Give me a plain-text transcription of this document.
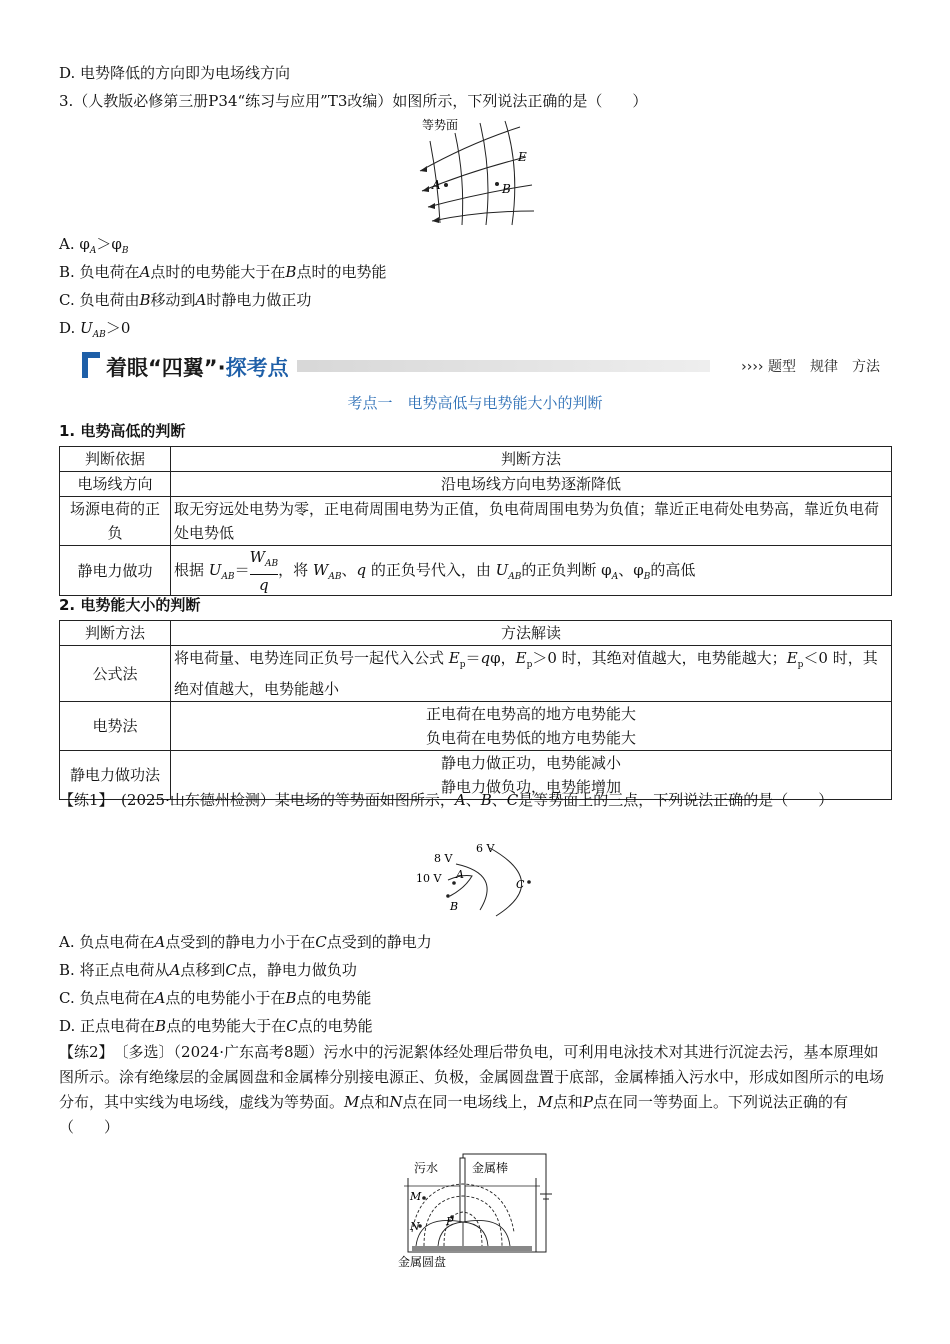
D. 电势降低的方向即为电场线方向
3.（人教版必修第三册P34“练习与应用”T3改编）如图所示，下列说法正确的是（　　）
等势面
A	B
E
A. $\varphi_A>\varphi_B$
B. 负电荷在A点时的电势能大于在B点时的电势能
C. 负电荷由B移动到A时静电力做正功
D. $U_{AB}>0$
着眼“四翼”·探考点	›››› 题型　规律　方法
考点一　电势高低与电势能大小的判断
1. 电势高低的判断
判断依据	判断方法
电场线方向	沿电场线方向电势逐渐降低
场源电荷的正负	取无穷远处电势为零，正电荷周围电势为正值，负电荷周围电势为负值；靠近正电荷处电势高，靠近负电荷处电势低
静电力做功	根据 $U_{AB}=$
$W_{AB}$
q
，将 $W_{AB}$、q 的正负号代入，由 $U_{AB}$的正负判断 $\varphi_A$、$\varphi_B$的高低
2. 电势能大小的判断
判断方法	方法解读
公式法	将电荷量、电势连同正负号一起代入公式 $E_p=q\varphi$，$E_p>0$ 时，其绝对值越大，电势能越大；$E_p<0$ 时，其绝对值越大，电势能越小
电势法	正电荷在电势高的地方电势能大
负电荷在电势低的地方电势能大

静电力做功法	静电力做正功，电势能减小
静电力做负功，电势能增加
【练1】　(2025·山东德州检测）某电场的等势面如图所示，A、B、C是等势面上的三点，下列说法正确的是（　　）
6 V
8 V
10 V A
B
C
A. 负点电荷在A点受到的静电力小于在C点受到的静电力
B. 将正点电荷从A点移到C点，静电力做负功
C. 负点电荷在A点的电势能小于在B点的电势能
D. 正点电荷在B点的电势能大于在C点的电势能
【练2】　〔多选〕（2024·广东高考8题）污水中的污泥絮体经处理后带负电，可利用电泳技术对其进行沉淀去污，基本原理如图所示。涂有绝缘层的金属圆盘和金属棒分别接电源正、负极，金属圆盘置于底部，金属棒插入污水中，形成如图所示的电场分布，其中实线为电场线，虚线为等势面。M点和N点在同一电场线上，M点和P点在同一等势面上。下列说法正确的有（　　）
污水	金属棒
金属圆盘
M
N P
